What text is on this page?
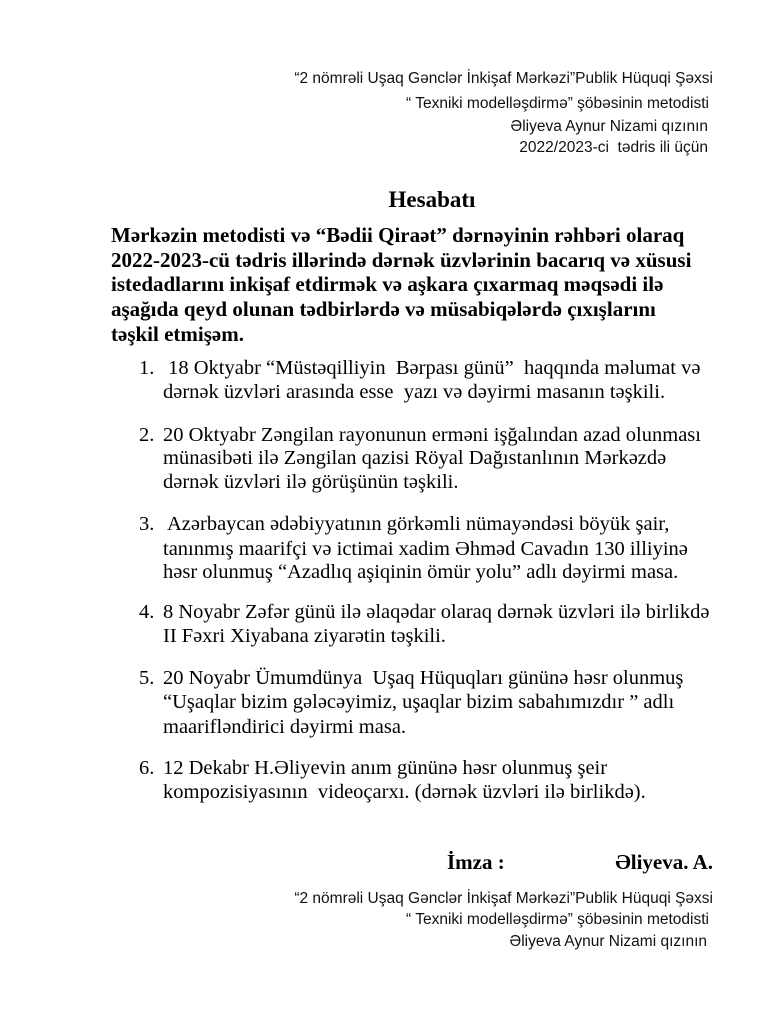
“2 nömrəli Uşaq Gənclər İnkişaf Mərkəzi”Publik Hüquqi Şəxsi
“ Texniki modelləşdirmə” şöbəsinin metodisti
Əliyeva Aynur Nizami qızının
2022/2023-ci  tədris ili üçün
Hesabatı
Mərkəzin metodisti və “Bədii Qiraət” dərnəyinin rəhbəri olaraq
2022-2023-cü tədris illərində dərnək üzvlərinin bacarıq və xüsusi
istedadlarını inkişaf etdirmək və aşkara çıxarmaq məqsədi ilə
aşağıda qeyd olunan tədbirlərdə və müsabiqələrdə çıxışlarını
təşkil etmişəm.
1. 18 Oktyabr “Müstəqilliyin  Bərpası günü”  haqqında məlumat və
dərnək üzvləri arasında esse  yazı və dəyirmi masanın təşkili.
2. 20 Oktyabr Zəngilan rayonunun erməni işğalından azad olunması
münasibəti ilə Zəngilan qazisi Röyal Dağıstanlının Mərkəzdə
dərnək üzvləri ilə görüşünün təşkili.
3. Azərbaycan ədəbiyyatının görkəmli nümayəndəsi böyük şair,
tanınmış maarifçi və ictimai xadim Əhməd Cavadın 130 illiyinə
həsr olunmuş “Azadlıq aşiqinin ömür yolu” adlı dəyirmi masa.
4. 8 Noyabr Zəfər günü ilə əlaqədar olaraq dərnək üzvləri ilə birlikdə
II Fəxri Xiyabana ziyarətin təşkili.
5. 20 Noyabr Ümumdünya  Uşaq Hüquqları gününə həsr olunmuş
“Uşaqlar bizim gələcəyimiz, uşaqlar bizim sabahımızdır ” adlı
maarifləndirici dəyirmi masa.
6. 12 Dekabr H.Əliyevin anım gününə həsr olunmuş şeir
kompozisiyasının  videoçarxı. (dərnək üzvləri ilə birlikdə).
İmza :	Əliyeva. A.
“2 nömrəli Uşaq Gənclər İnkişaf Mərkəzi”Publik Hüquqi Şəxsi
“ Texniki modelləşdirmə” şöbəsinin metodisti
Əliyeva Aynur Nizami qızının
